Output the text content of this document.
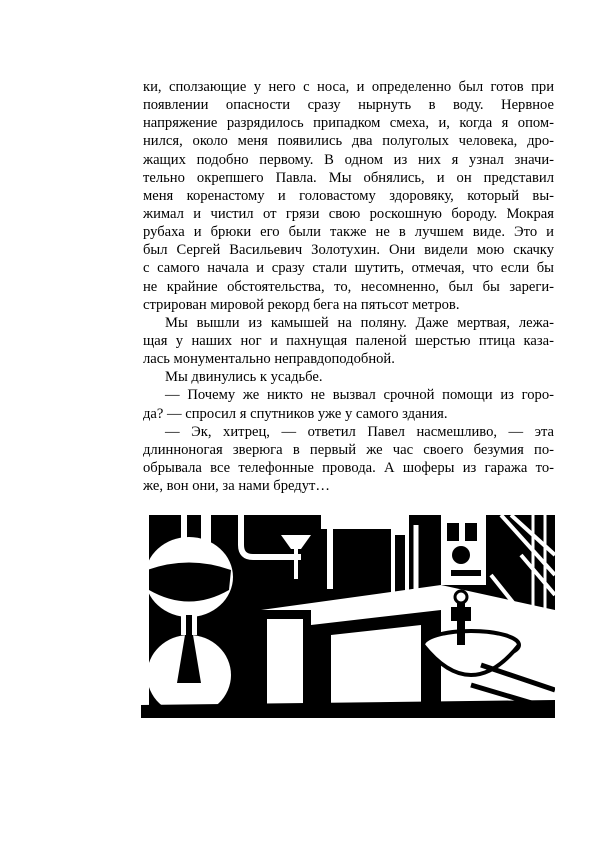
ки, сползающие у него с носа, и определенно был готов при
появлении опасности сразу нырнуть в воду. Нервное
напряжение разрядилось припадком смеха, и, когда я опом-
нился, около меня появились два полуголых человека, дро-
жащих подобно первому. В одном из них я узнал значи-
тельно окрепшего Павла. Мы обнялись, и он представил
меня коренастому и головастому здоровяку, который вы-
жимал и чистил от грязи свою роскошную бороду. Мокрая
рубаха и брюки его были также не в лучшем виде. Это и
был Сергей Васильевич Золотухин. Они видели мою скачку
с самого начала и сразу стали шутить, отмечая, что если бы
не крайние обстоятельства, то, несомненно, был бы зареги-
стрирован мировой рекорд бега на пятьсот метров.
Мы вышли из камышей на поляну. Даже мертвая, лежа-
щая у наших ног и пахнущая паленой шерстью птица каза-
лась монументально неправдоподобной.
Мы двинулись к усадьбе.
— Почему же никто не вызвал срочной помощи из горо-
да? — спросил я спутников уже у самого здания.
— Эк, хитрец, — ответил Павел насмешливо, — эта
длинноногая зверюга в первый же час своего безумия по-
обрывала все телефонные провода. А шоферы из гаража то-
же, вон они, за нами бредут…
